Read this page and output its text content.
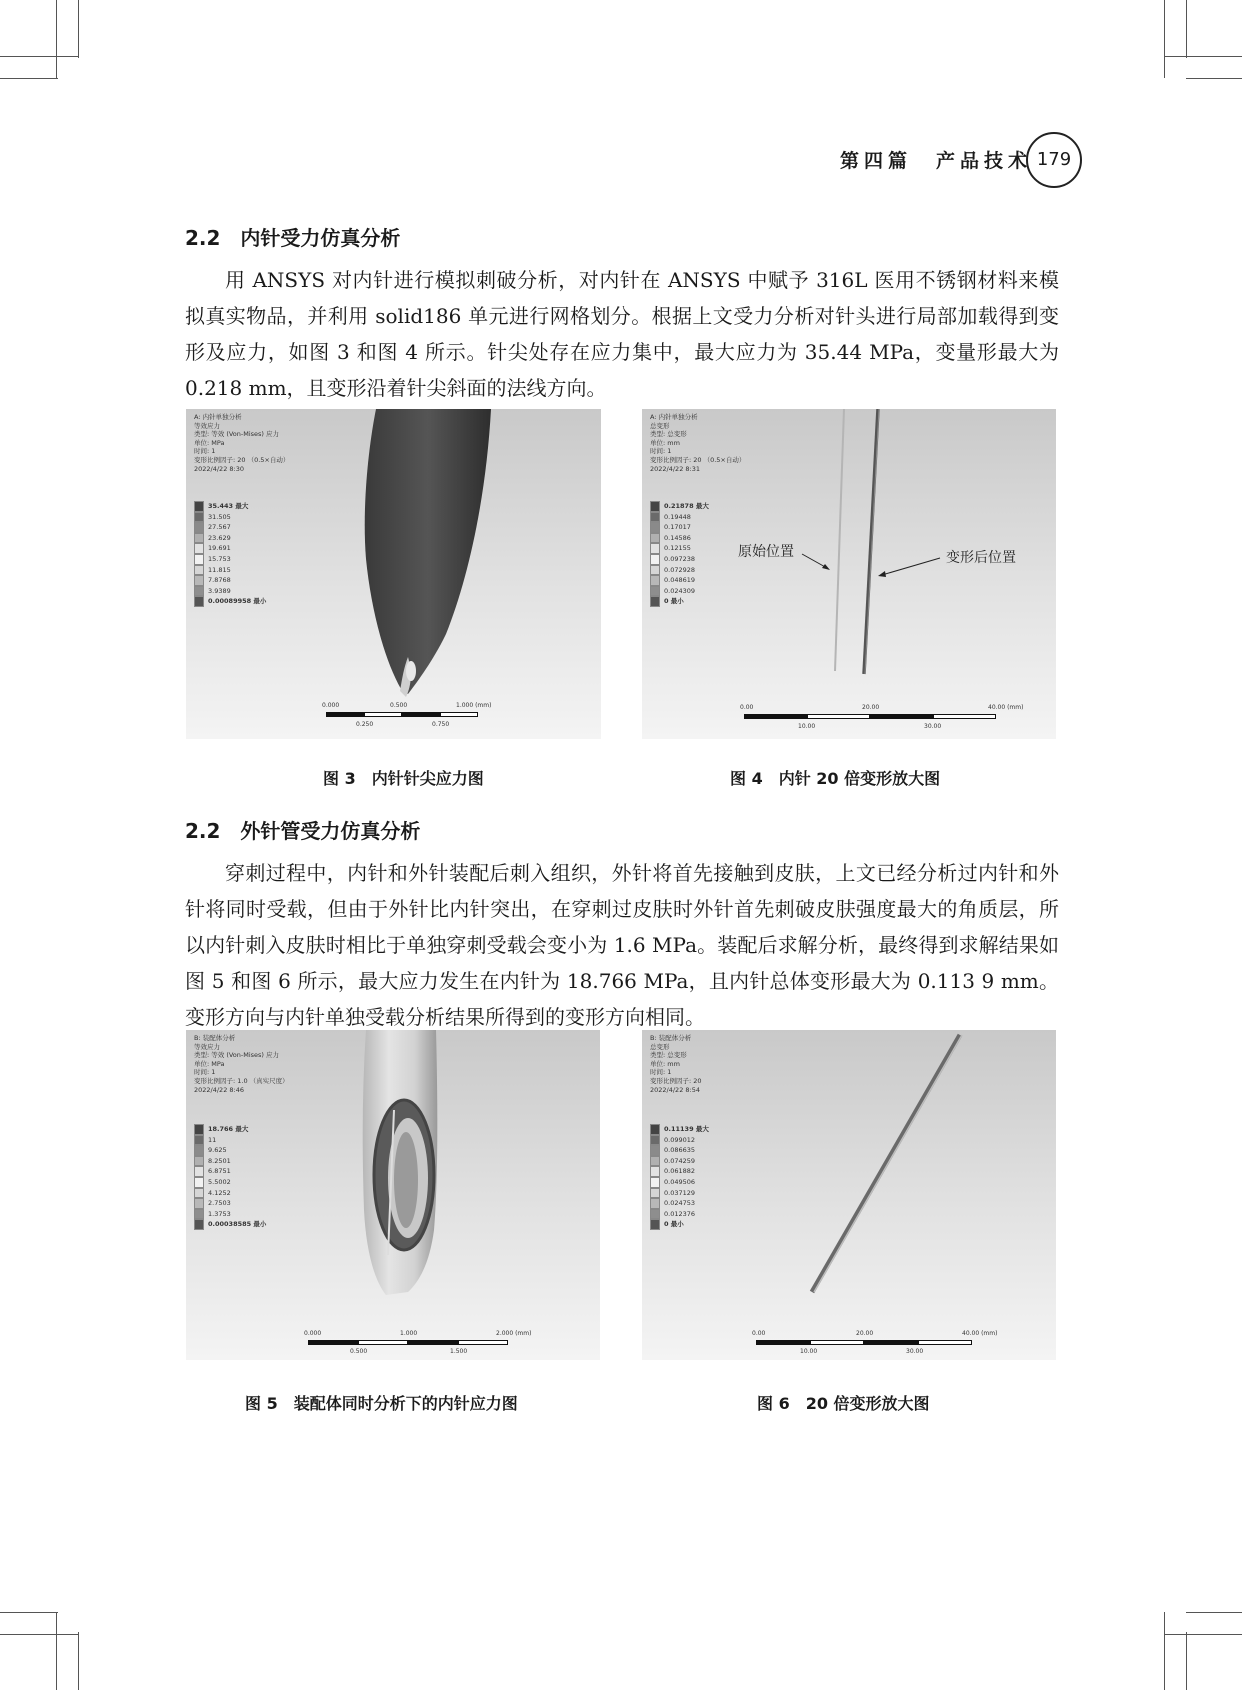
第四篇　产品技术 179
2.2　内针受力仿真分析

用 ANSYS 对内针进行模拟刺破分析，对内针在 ANSYS 中赋予 316L 医用不锈钢材料来模拟真实物品，并利用 solid186 单元进行网格划分。根据上文受力分析对针头进行局部加载得到变形及应力，如图 3 和图 4 所示。针尖处存在应力集中，最大应力为 35.44 MPa，变量形最大为 0.218 mm，且变形沿着针尖斜面的法线方向。

A: 内针单独分析
等效应力
类型: 等效 (Von-Mises) 应力
单位: MPa
时间: 1
变形比例因子: 20 （0.5×自动）
2022/4/22 8:30
35.443 最大
31.505
27.567
23.629
19.691
15.753
11.815
7.8768
3.9389
0.00089958 最小
0.000	0.500	1.000 (mm)
0.250	0.750
图 3　内针针尖应力图
原始位置	变形后位置
A: 内针单独分析
总变形
类型: 总变形
单位: mm
时间: 1
变形比例因子: 20 （0.5×自动）
2022/4/22 8:31
0.21878 最大
0.19448
0.17017
0.14586
0.12155
0.097238
0.072928
0.048619
0.024309
0 最小
0.00	20.00	40.00 (mm)
10.00	30.00
图 4　内针 20 倍变形放大图
2.2　外针管受力仿真分析

穿刺过程中，内针和外针装配后刺入组织，外针将首先接触到皮肤，上文已经分析过内针和外针将同时受载，但由于外针比内针突出，在穿刺过皮肤时外针首先刺破皮肤强度最大的角质层，所以内针刺入皮肤时相比于单独穿刺受载会变小为 1.6 MPa。装配后求解分析，最终得到求解结果如图 5 和图 6 所示，最大应力发生在内针为 18.766 MPa，且内针总体变形最大为 0.113 9 mm。变形方向与内针单独受载分析结果所得到的变形方向相同。

B: 装配体分析
等效应力
类型: 等效 (Von-Mises) 应力
单位: MPa
时间: 1
变形比例因子: 1.0 （真实尺度）
2022/4/22 8:46
18.766 最大
11
9.625
8.2501
6.8751
5.5002
4.1252
2.7503
1.3753
0.00038585 最小
0.000	1.000	2.000 (mm)
0.500	1.500
图 5　装配体同时分析下的内针应力图
B: 装配体分析
总变形
类型: 总变形
单位: mm
时间: 1
变形比例因子: 20
2022/4/22 8:54
0.11139 最大
0.099012
0.086635
0.074259
0.061882
0.049506
0.037129
0.024753
0.012376
0 最小
0.00	20.00	40.00 (mm)
10.00	30.00
图 6　20 倍变形放大图
